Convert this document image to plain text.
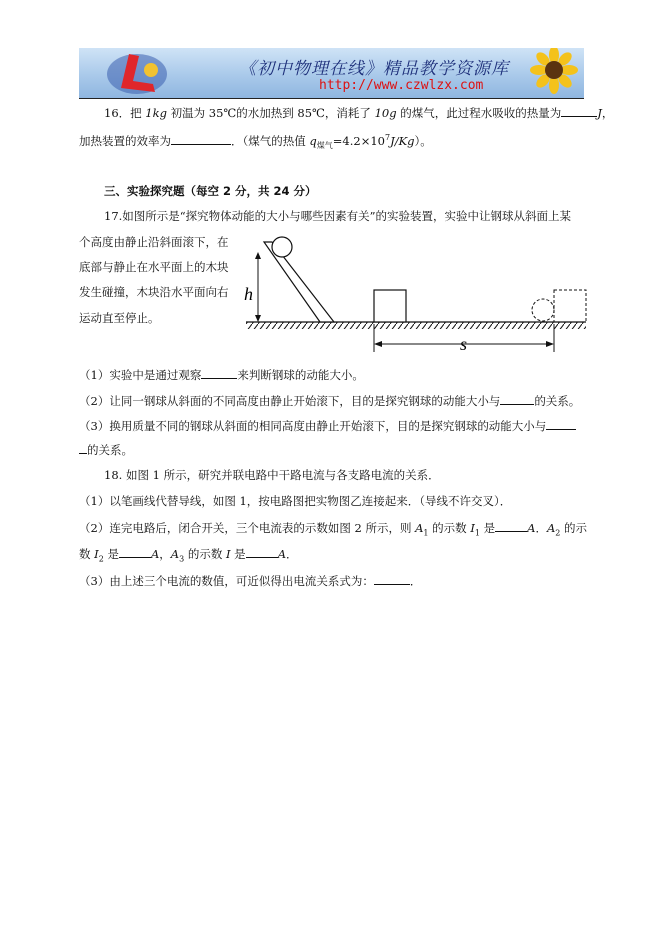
《初中物理在线》精品教学资源库
http://www.czwlzx.com
16．把 1kg 初温为 35℃的水加热到 85℃，消耗了 10g 的煤气，此过程水吸收的热量为	J，
加热装置的效率为	．（煤气的热值 $q_{煤气}=4.2\times 10^7J/Kg$）。
三、实验探究题（每空 2 分，共 24 分）
17.如图所示是“探究物体动能的大小与哪些因素有关”的实验装置，实验中让钢球从斜面上某
个高度由静止沿斜面滚下，在
底部与静止在水平面上的木块
发生碰撞，木块沿水平面向右
运动直至停止。
h
s
（1）实验中是通过观察	来判断钢球的动能大小。
（2）让同一钢球从斜面的不同高度由静止开始滚下，目的是探究钢球的动能大小与	的关系。
（3）换用质量不同的钢球从斜面的相同高度由静止开始滚下，目的是探究钢球的动能大小与
的关系。
18. 如图 1 所示，研究并联电路中干路电流与各支路电流的关系．
（1）以笔画线代替导线，如图 1，按电路图把实物图乙连接起来．（导线不许交叉）．
（2）连完电路后，闭合开关，三个电流表的示数如图 2 所示，则 $A_1$ 的示数 $I_1$ 是	A．$A_2$ 的示
数 $I_2$ 是	A，$A_3$ 的示数 I 是	A．
（3）由上述三个电流的数值，可近似得出电流关系式为：	．
